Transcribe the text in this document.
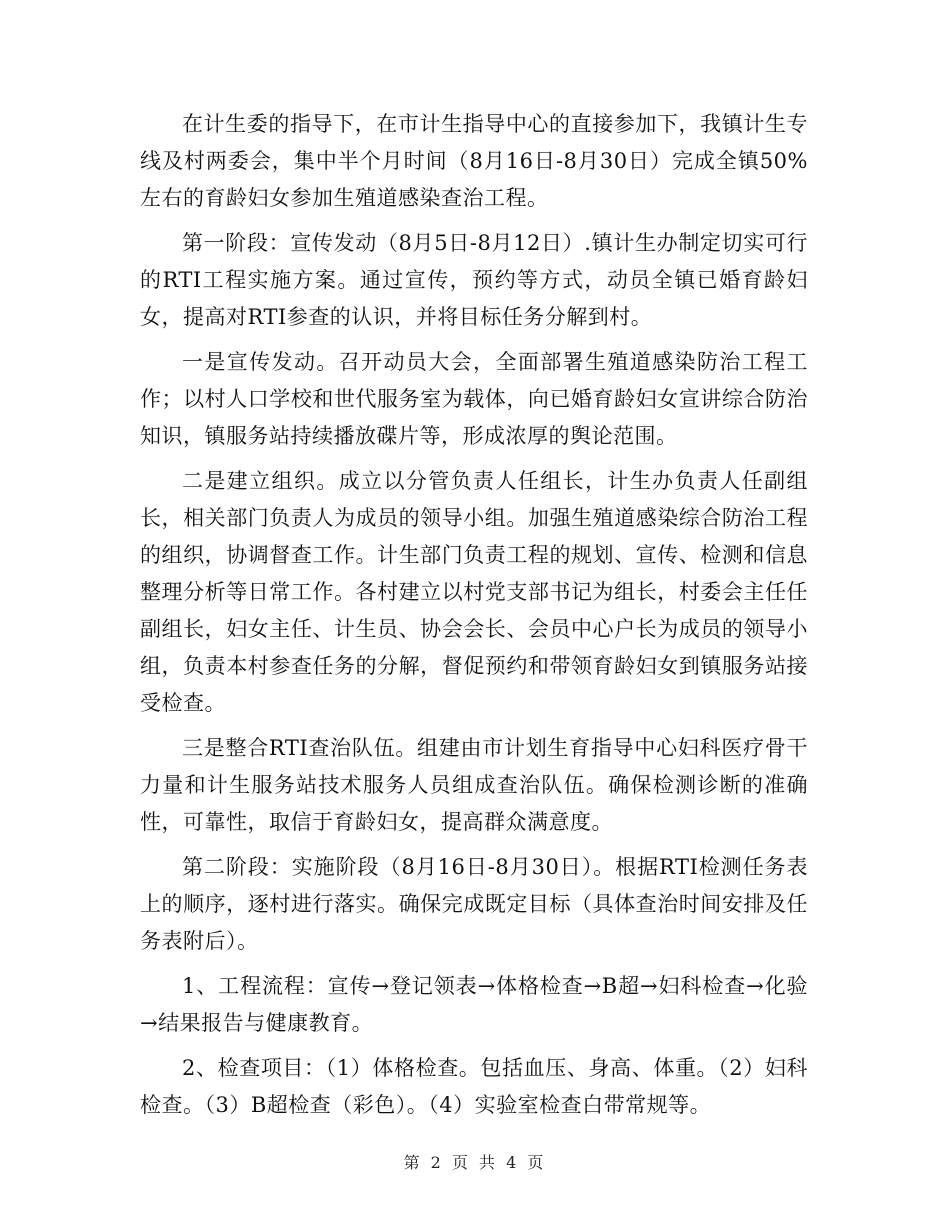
在计生委的指导下，在市计生指导中心的直接参加下，我镇计生专线及村两委会，集中半个月时间（8月16日-8月30日）完成全镇50%左右的育龄妇女参加生殖道感染查治工程。

第一阶段：宣传发动（8月5日-8月12日）.镇计生办制定切实可行的RTI工程实施方案。通过宣传，预约等方式，动员全镇已婚育龄妇女，提高对RTI参查的认识，并将目标任务分解到村。

一是宣传发动。召开动员大会，全面部署生殖道感染防治工程工作；以村人口学校和世代服务室为载体，向已婚育龄妇女宣讲综合防治知识，镇服务站持续播放碟片等，形成浓厚的舆论范围。

二是建立组织。成立以分管负责人任组长，计生办负责人任副组长，相关部门负责人为成员的领导小组。加强生殖道感染综合防治工程的组织，协调督查工作。计生部门负责工程的规划、宣传、检测和信息整理分析等日常工作。各村建立以村党支部书记为组长，村委会主任任副组长，妇女主任、计生员、协会会长、会员中心户长为成员的领导小组，负责本村参查任务的分解，督促预约和带领育龄妇女到镇服务站接受检查。

三是整合RTI查治队伍。组建由市计划生育指导中心妇科医疗骨干力量和计生服务站技术服务人员组成查治队伍。确保检测诊断的准确性，可靠性，取信于育龄妇女，提高群众满意度。

第二阶段：实施阶段（8月16日-8月30日）。根据RTI检测任务表上的顺序，逐村进行落实。确保完成既定目标（具体查治时间安排及任务表附后）。

1、工程流程：宣传→登记领表→体格检查→B超→妇科检查→化验→结果报告与健康教育。

2、检查项目：（1）体格检查。包括血压、身高、体重。（2）妇科检查。（3）B超检查（彩色）。（4）实验室检查白带常规等。

第 2 页 共 4 页
